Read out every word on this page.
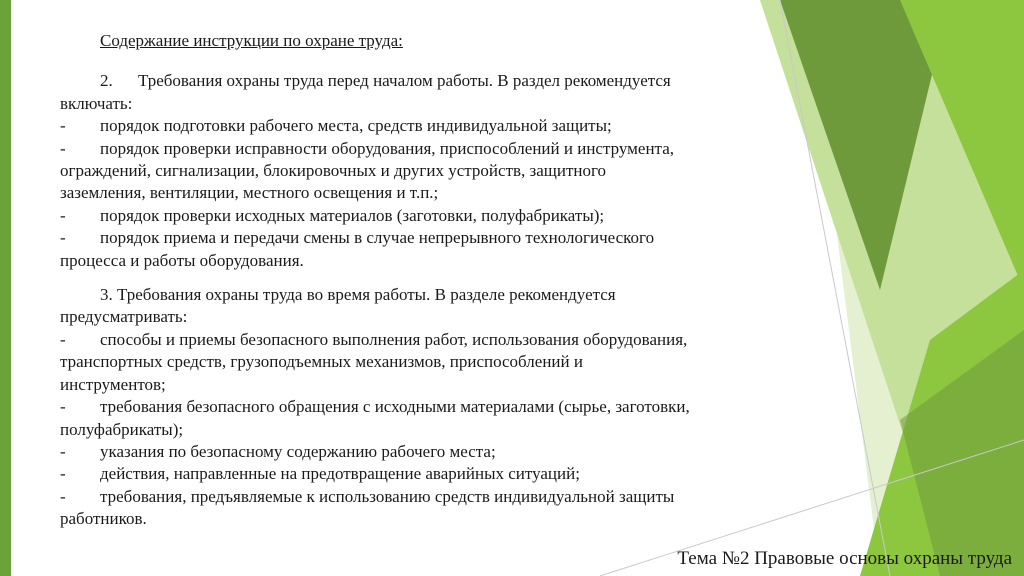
Содержание инструкции по охране труда:

2. Требования охраны труда перед началом работы. В раздел рекомендуется

включать:

- порядок подготовки рабочего места, средств индивидуальной защиты;
- порядок проверки исправности оборудования, приспособлений и инструмента,
ограждений, сигнализации, блокировочных и других устройств, защитного
заземления, вентиляции, местного освещения и т.п.;
- порядок проверки исходных материалов (заготовки, полуфабрикаты);
- порядок приема и передачи смены в случае непрерывного технологического
процесса и работы оборудования.

3. Требования охраны труда во время работы. В разделе рекомендуется

предусматривать:

- способы и приемы безопасного выполнения работ, использования оборудования,
транспортных средств, грузоподъемных механизмов, приспособлений и
инструментов;
- требования безопасного обращения с исходными материалами (сырье, заготовки,
полуфабрикаты);
- указания по безопасному содержанию рабочего места;
- действия, направленные на предотвращение аварийных ситуаций;
- требования, предъявляемые к использованию средств индивидуальной защиты
работников.
Тема №2 Правовые основы охраны труда
